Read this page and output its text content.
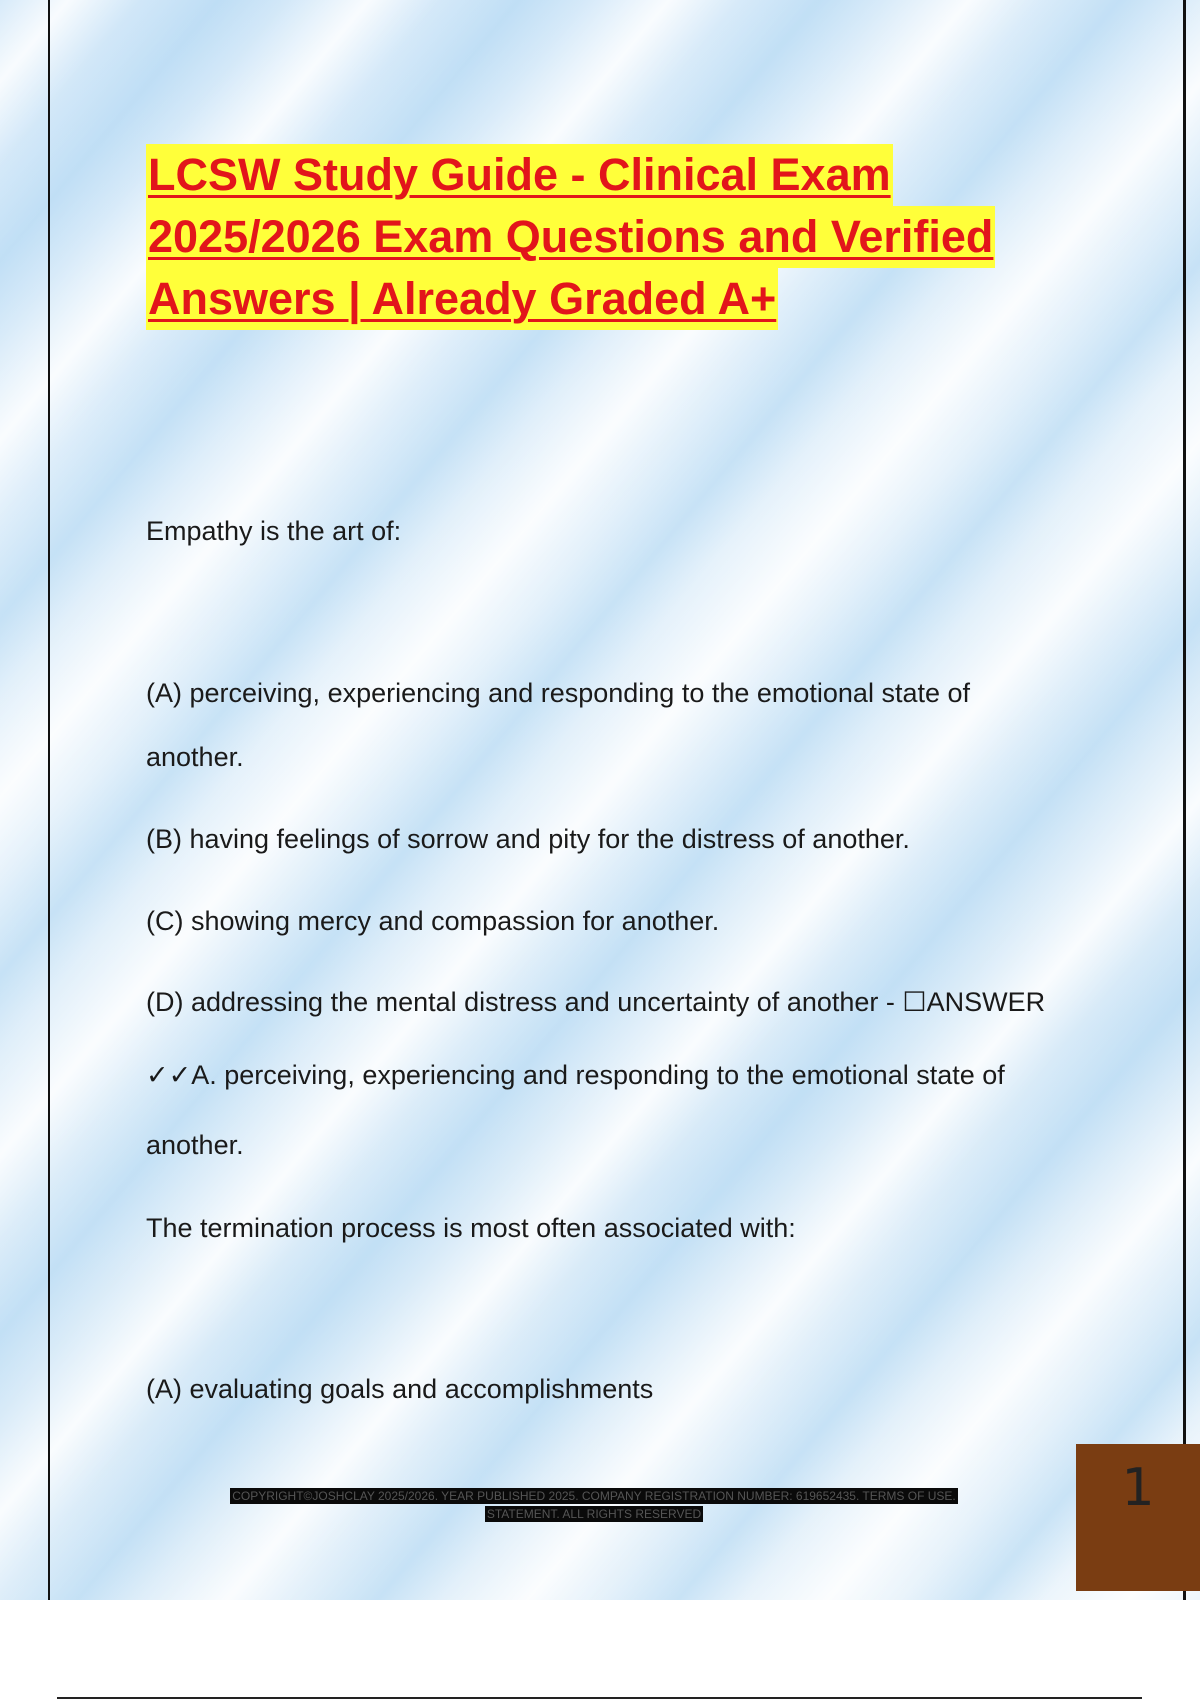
LCSW Study Guide - Clinical Exam
2025/2026 Exam Questions and Verified
Answers | Already Graded A+
Empathy is the art of:
(A) perceiving, experiencing and responding to the emotional state of
another.
(B) having feelings of sorrow and pity for the distress of another.
(C) showing mercy and compassion for another.
(D) addressing the mental distress and uncertainty of another - ☐ANSWER
✓✓A. perceiving, experiencing and responding to the emotional state of
another.
The termination process is most often associated with:
(A) evaluating goals and accomplishments
COPYRIGHT©JOSHCLAY 2025/2026. YEAR PUBLISHED 2025. COMPANY REGISTRATION NUMBER: 619652435. TERMS OF USE.
STATEMENT. ALL RIGHTS RESERVED	1
